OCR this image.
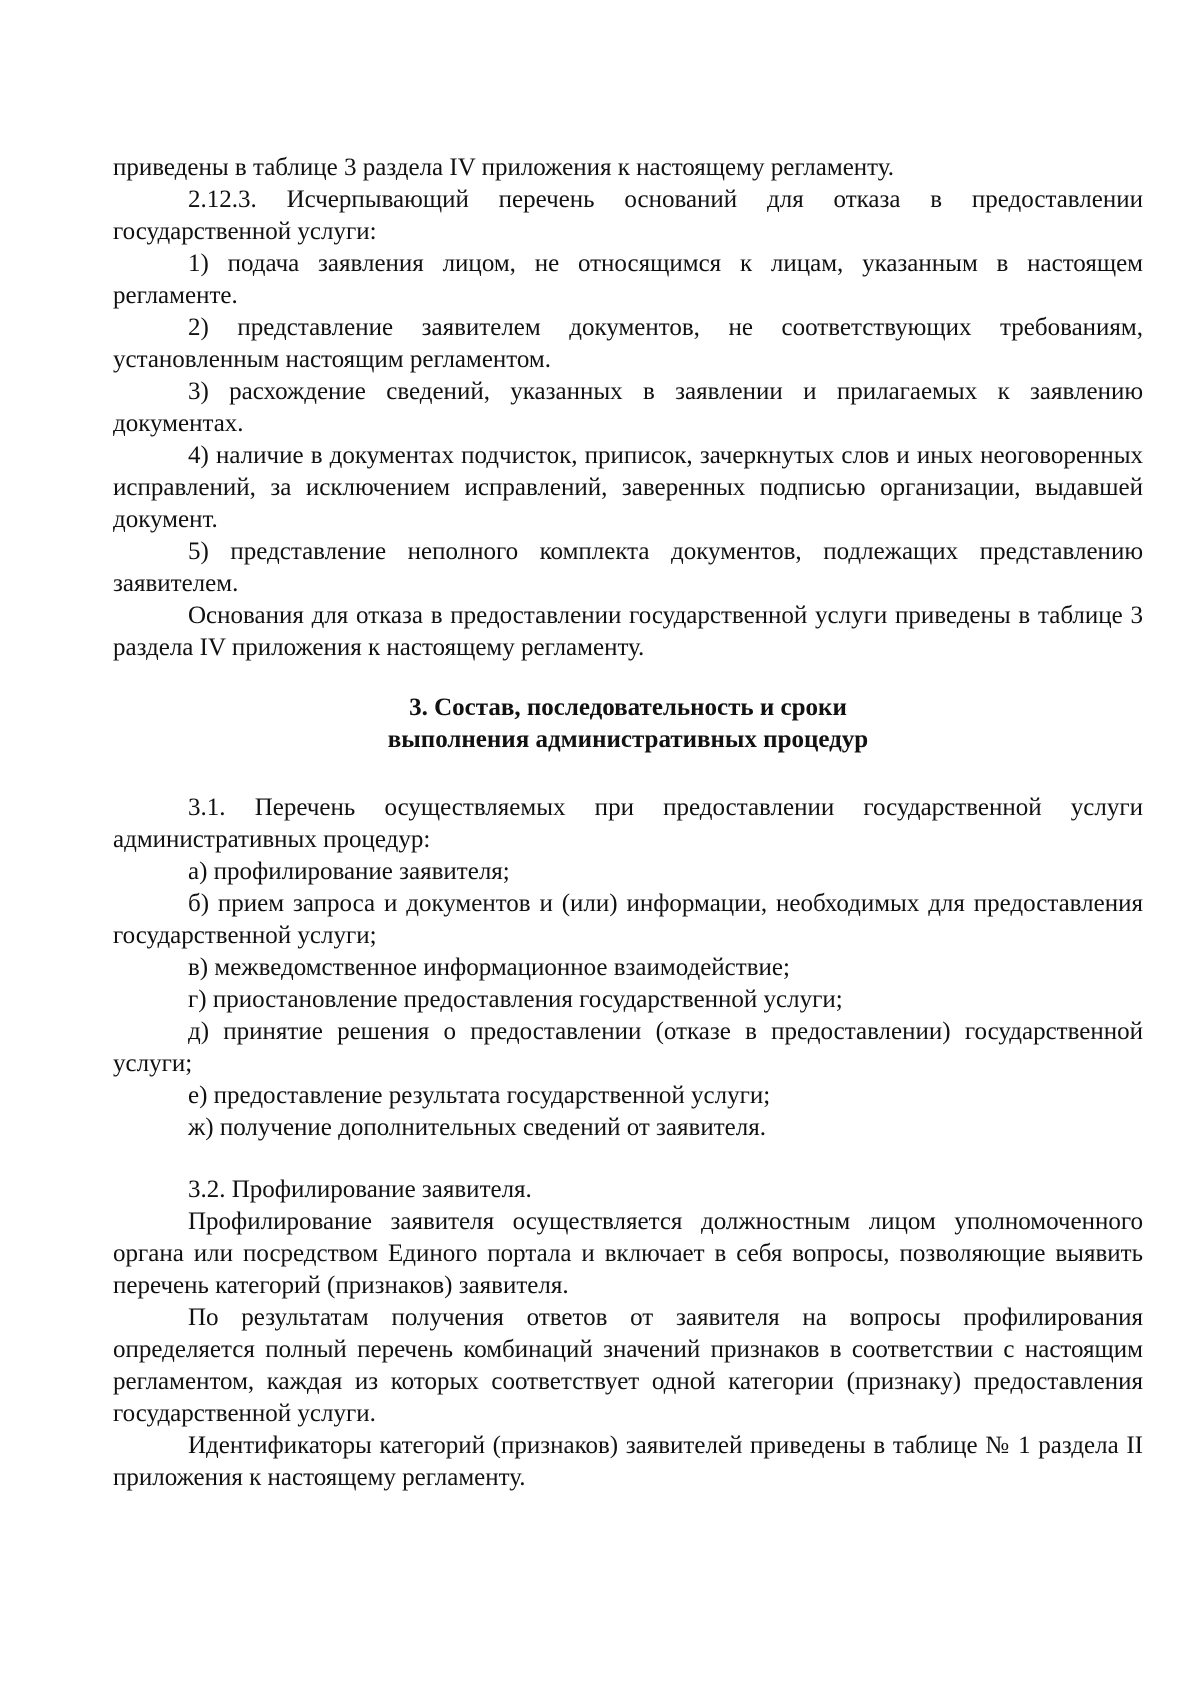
приведены в таблице 3 раздела IV приложения к настоящему регламенту.

2.12.3. Исчерпывающий перечень оснований для отказа в предоставлении государственной услуги:

1) подача заявления лицом, не относящимся к лицам, указанным в настоящем регламенте.

2) представление заявителем документов, не соответствующих требованиям, установленным настоящим регламентом.

3) расхождение сведений, указанных в заявлении и прилагаемых к заявлению документах.

4) наличие в документах подчисток, приписок, зачеркнутых слов и иных неоговоренных исправлений, за исключением исправлений, заверенных подписью организации, выдавшей документ.

5) представление неполного комплекта документов, подлежащих представлению заявителем.

Основания для отказа в предоставлении государственной услуги приведены в таблице 3 раздела IV приложения к настоящему регламенту.

3. Состав, последовательность и сроки
выполнения административных процедур

3.1. Перечень осуществляемых при предоставлении государственной услуги административных процедур:

а) профилирование заявителя;

б) прием запроса и документов и (или) информации, необходимых для предоставления государственной услуги;

в) межведомственное информационное взаимодействие;

г) приостановление предоставления государственной услуги;

д) принятие решения о предоставлении (отказе в предоставлении) государственной услуги;

е) предоставление результата государственной услуги;

ж) получение дополнительных сведений от заявителя.

3.2. Профилирование заявителя.

Профилирование заявителя осуществляется должностным лицом уполномоченного органа или посредством Единого портала и включает в себя вопросы, позволяющие выявить перечень категорий (признаков) заявителя.

По результатам получения ответов от заявителя на вопросы профилирования определяется полный перечень комбинаций значений признаков в соответствии с настоящим регламентом, каждая из которых соответствует одной категории (признаку) предоставления государственной услуги.

Идентификаторы категорий (признаков) заявителей приведены в таблице № 1 раздела II приложения к настоящему регламенту.
